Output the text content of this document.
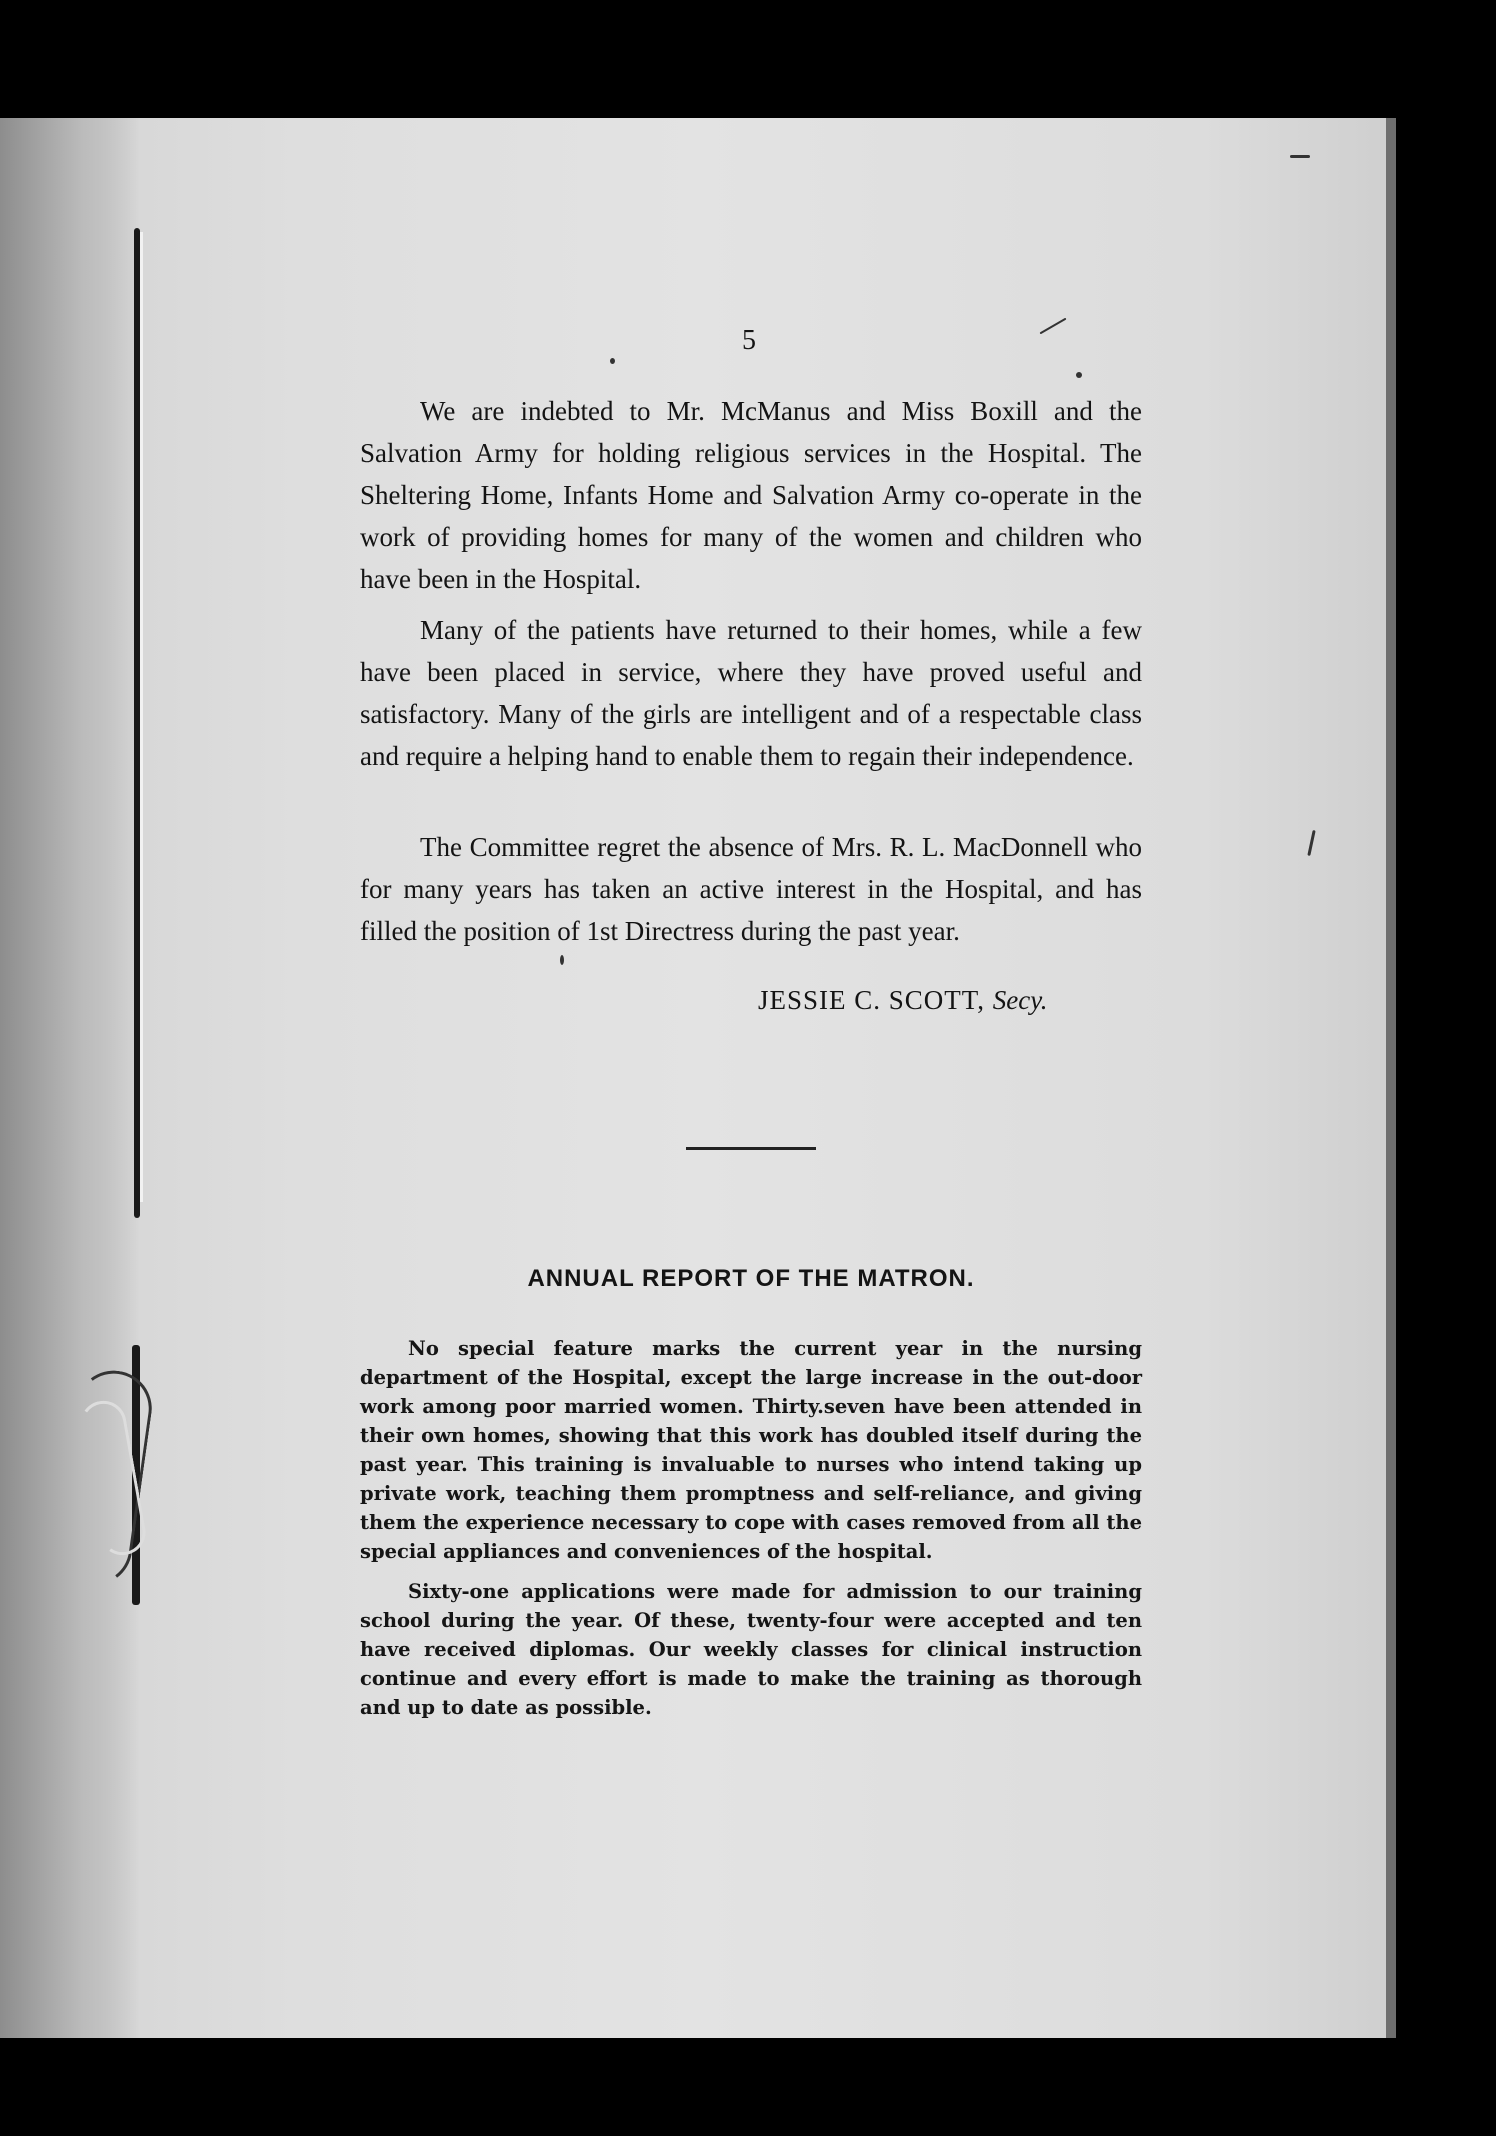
5

We are indebted to Mr. McManus and Miss Boxill and the Salvation Army for holding religious services in the Hospital. The Sheltering Home, Infants Home and Salvation Army co-operate in the work of providing homes for many of the women and children who have been in the Hospital.

Many of the patients have returned to their homes, while a few have been placed in service, where they have proved useful and satisfactory. Many of the girls are intelligent and of a respectable class and require a helping hand to enable them to regain their independence.

The Committee regret the absence of Mrs. R. L. MacDonnell who for many years has taken an active interest in the Hospital, and has filled the position of 1st Directress during the past year.

JESSIE C. SCOTT, Secy.
ANNUAL REPORT OF THE MATRON.

No special feature marks the current year in the nursing department of the Hospital, except the large increase in the out-door work among poor married women. Thirty.seven have been attended in their own homes, showing that this work has doubled itself during the past year. This training is invaluable to nurses who intend taking up private work, teaching them promptness and self-reliance, and giving them the experience necessary to cope with cases removed from all the special appliances and conveniences of the hospital.

Sixty-one applications were made for admission to our training school during the year. Of these, twenty-four were accepted and ten have received diplomas. Our weekly classes for clinical instruction continue and every effort is made to make the training as thorough and up to date as possible.
